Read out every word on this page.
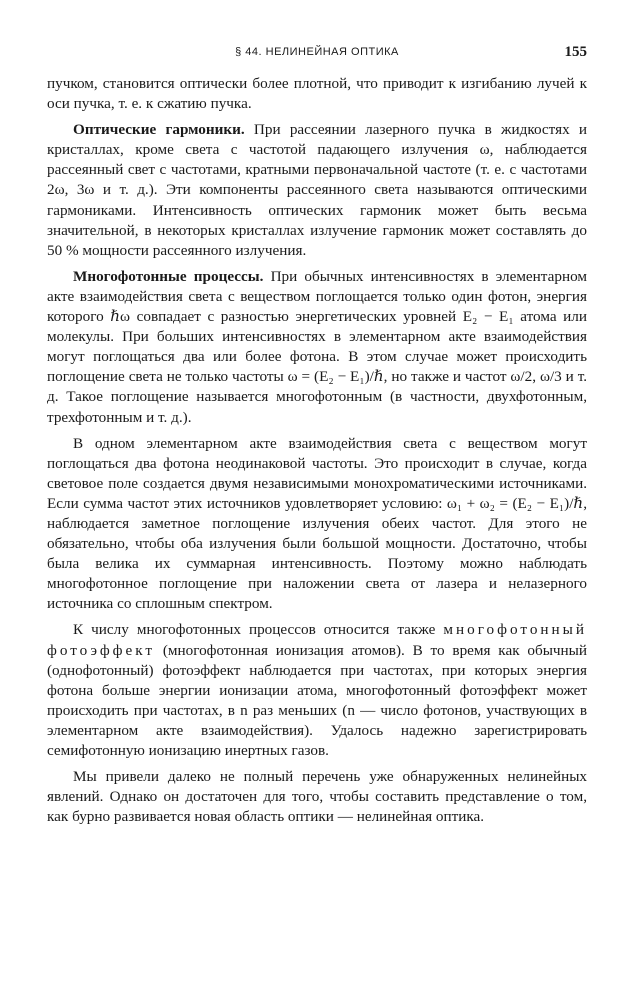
§ 44. НЕЛИНЕЙНАЯ ОПТИКА	155

пучком, становится оптически более плотной, что приводит к изгибанию лучей к оси пучка, т. е. к сжатию пучка.

Оптические гармоники. При рассеянии лазерного пучка в жидкостях и кристаллах, кроме света с частотой падающего излучения ω, наблюдается рассеянный свет с частотами, кратными первоначальной частоте (т. е. с частотами 2ω, 3ω и т. д.). Эти компоненты рассеянного света называются оптическими гармониками. Интенсивность оптических гармоник может быть весьма значительной, в некоторых кристаллах излучение гармоник может составлять до 50 % мощности рассеянного излучения.

Многофотонные процессы. При обычных интенсивностях в элементарном акте взаимодействия света с веществом поглощается только один фотон, энергия которого ℏω совпадает с разностью энергетических уровней E₂ − E₁ атома или молекулы. При больших интенсивностях в элементарном акте взаимодействия могут поглощаться два или более фотона. В этом случае может происходить поглощение света не только частоты ω = (E₂ − E₁)/ℏ, но также и частот ω/2, ω/3 и т. д. Такое поглощение называется многофотонным (в частности, двухфотонным, трехфотонным и т. д.).

В одном элементарном акте взаимодействия света с веществом могут поглощаться два фотона неодинаковой частоты. Это происходит в случае, когда световое поле создается двумя независимыми монохроматическими источниками. Если сумма частот этих источников удовлетворяет условию: ω₁ + ω₂ = (E₂ − E₁)/ℏ, наблюдается заметное поглощение излучения обеих частот. Для этого не обязательно, чтобы оба излучения были большой мощности. Достаточно, чтобы была велика их суммарная интенсивность. Поэтому можно наблюдать многофотонное поглощение при наложении света от лазера и нелазерного источника со сплошным спектром.

К числу многофотонных процессов относится также многофотонный фотоэффект (многофотонная ионизация атомов). В то время как обычный (однофотонный) фотоэффект наблюдается при частотах, при которых энергия фотона больше энергии ионизации атома, многофотонный фотоэффект может происходить при частотах, в n раз меньших (n — число фотонов, участвующих в элементарном акте взаимодействия). Удалось надежно зарегистрировать семифотонную ионизацию инертных газов.

Мы привели далеко не полный перечень уже обнаруженных нелинейных явлений. Однако он достаточен для того, чтобы составить представление о том, как бурно развивается новая область оптики — нелинейная оптика.
